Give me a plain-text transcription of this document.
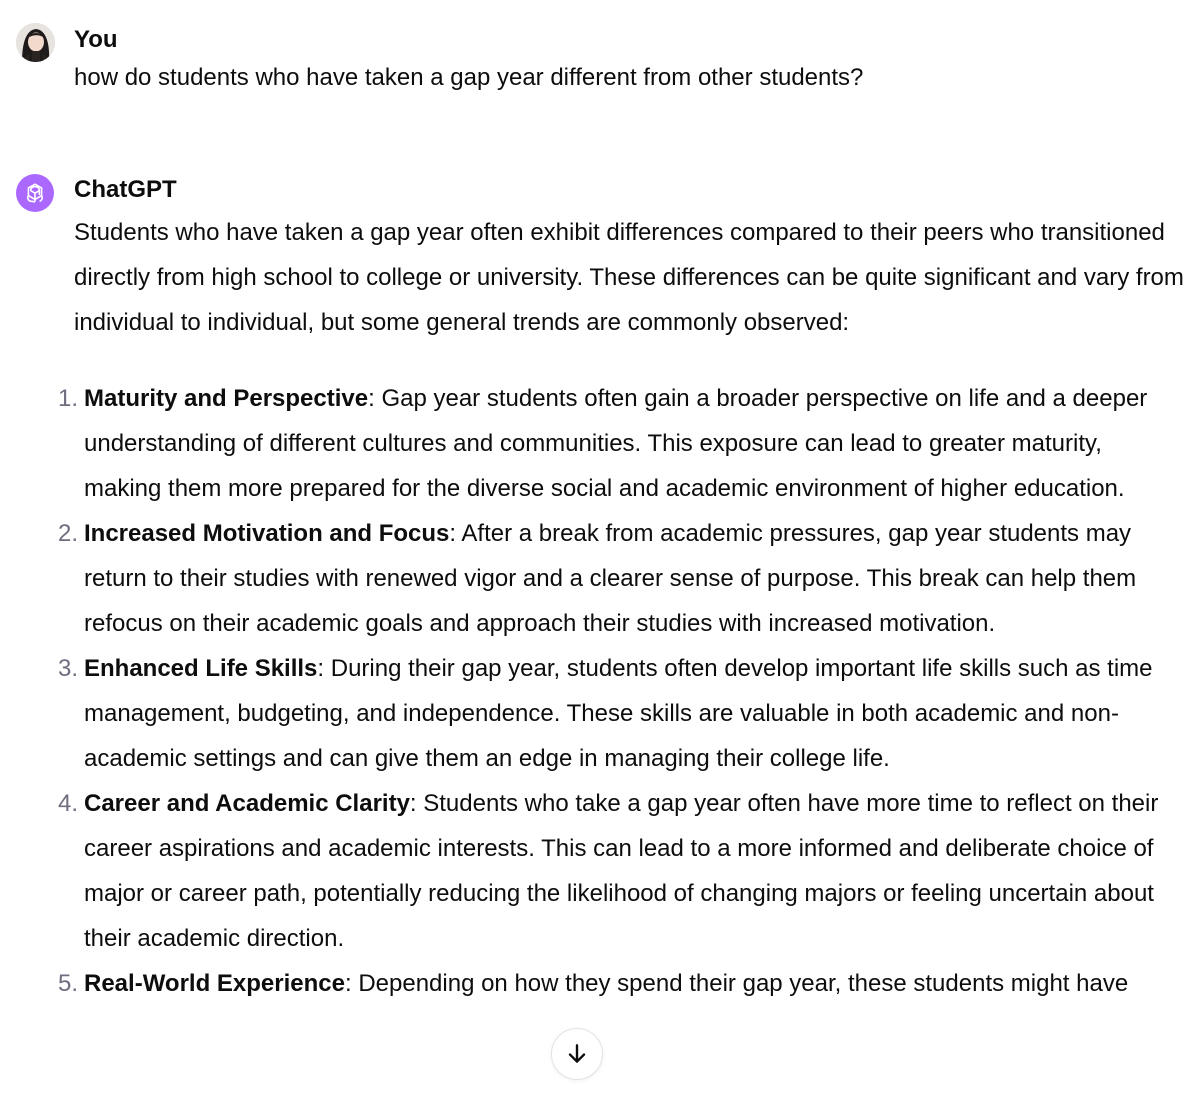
You
how do students who have taken a gap year different from other students?
ChatGPT

Students who have taken a gap year often exhibit differences compared to their peers who transitioned directly from high school to college or university. These differences can be quite significant and vary from individual to individual, but some general trends are commonly observed:

1. Maturity and Perspective: Gap year students often gain a broader perspective on life and a deeper understanding of different cultures and communities. This exposure can lead to greater maturity, making them more prepared for the diverse social and academic environment of higher education.
2. Increased Motivation and Focus: After a break from academic pressures, gap year students may return to their studies with renewed vigor and a clearer sense of purpose. This break can help them refocus on their academic goals and approach their studies with increased motivation.
3. Enhanced Life Skills: During their gap year, students often develop important life skills such as time management, budgeting, and independence. These skills are valuable in both academic and non-academic settings and can give them an edge in managing their college life.
4. Career and Academic Clarity: Students who take a gap year often have more time to reflect on their career aspirations and academic interests. This can lead to a more informed and deliberate choice of major or career path, potentially reducing the likelihood of changing majors or feeling uncertain about their academic direction.
5. Real-World Experience: Depending on how they spend their gap year, these students might have
